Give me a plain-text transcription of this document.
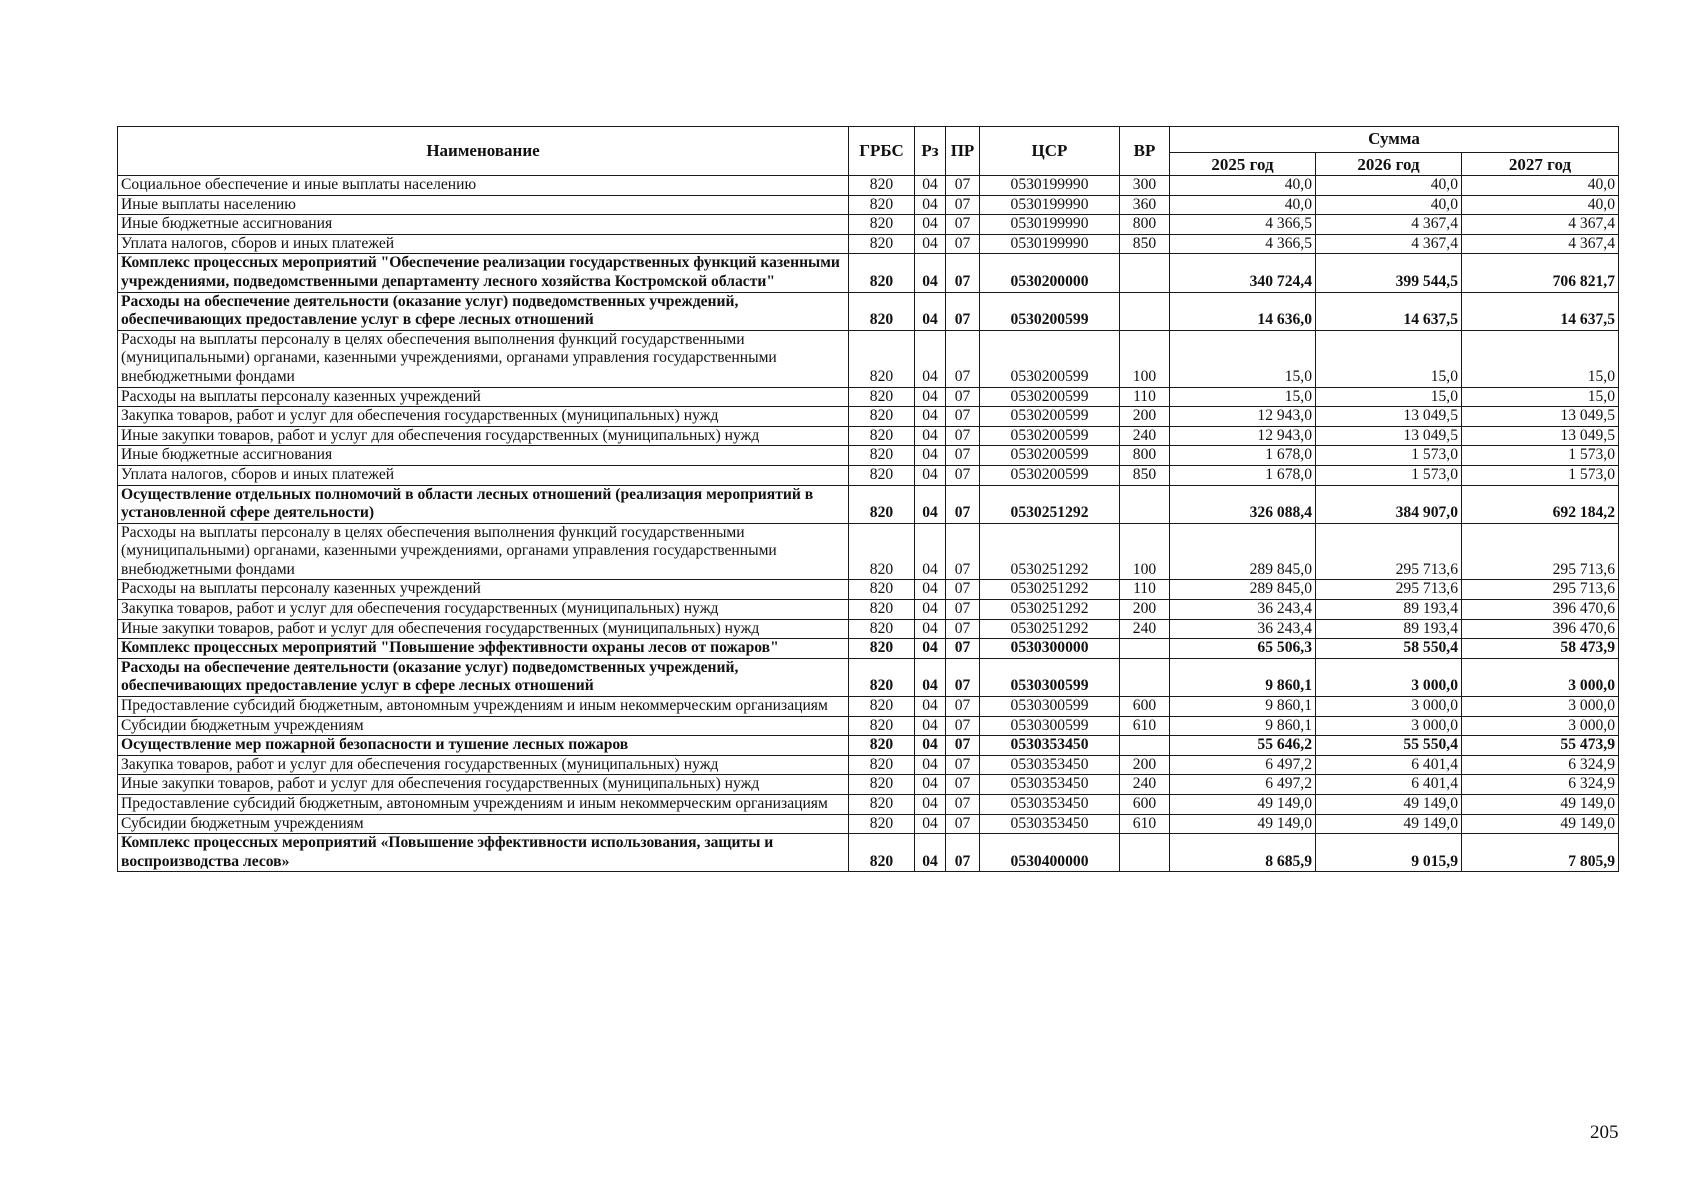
Наименование	ГРБС	Рз	ПР	ЦСР	ВР	Сумма		
						2025 год	2026 год	2027 год
Социальное обеспечение и иные выплаты населению	820	04	07	0530199990	300	40,0	40,0	40,0
Иные выплаты населению	820	04	07	0530199990	360	40,0	40,0	40,0
Иные бюджетные ассигнования	820	04	07	0530199990	800	4 366,5	4 367,4	4 367,4
Уплата налогов, сборов и иных платежей	820	04	07	0530199990	850	4 366,5	4 367,4	4 367,4
Комплекс процессных мероприятий "Обеспечение реализации государственных функций казенными учреждениями, подведомственными департаменту лесного хозяйства Костромской области"	820	04	07	0530200000		340 724,4	399 544,5	706 821,7
Расходы на обеспечение деятельности (оказание услуг) подведомственных учреждений, обеспечивающих предоставление услуг в сфере лесных отношений	820	04	07	0530200599		14 636,0	14 637,5	14 637,5
Расходы на выплаты персоналу в целях обеспечения выполнения функций государственными (муниципальными) органами, казенными учреждениями, органами управления государственными внебюджетными фондами	820	04	07	0530200599	100	15,0	15,0	15,0
Расходы на выплаты персоналу казенных учреждений	820	04	07	0530200599	110	15,0	15,0	15,0
Закупка товаров, работ и услуг для обеспечения государственных (муниципальных) нужд	820	04	07	0530200599	200	12 943,0	13 049,5	13 049,5
Иные закупки товаров, работ и услуг для обеспечения государственных (муниципальных) нужд	820	04	07	0530200599	240	12 943,0	13 049,5	13 049,5
Иные бюджетные ассигнования	820	04	07	0530200599	800	1 678,0	1 573,0	1 573,0
Уплата налогов, сборов и иных платежей	820	04	07	0530200599	850	1 678,0	1 573,0	1 573,0
Осуществление отдельных полномочий в области лесных отношений (реализация мероприятий в установленной сфере деятельности)	820	04	07	0530251292		326 088,4	384 907,0	692 184,2
Расходы на выплаты персоналу в целях обеспечения выполнения функций государственными (муниципальными) органами, казенными учреждениями, органами управления государственными внебюджетными фондами	820	04	07	0530251292	100	289 845,0	295 713,6	295 713,6
Расходы на выплаты персоналу казенных учреждений	820	04	07	0530251292	110	289 845,0	295 713,6	295 713,6
Закупка товаров, работ и услуг для обеспечения государственных (муниципальных) нужд	820	04	07	0530251292	200	36 243,4	89 193,4	396 470,6
Иные закупки товаров, работ и услуг для обеспечения государственных (муниципальных) нужд	820	04	07	0530251292	240	36 243,4	89 193,4	396 470,6
Комплекс процессных мероприятий "Повышение эффективности охраны лесов от пожаров"	820	04	07	0530300000		65 506,3	58 550,4	58 473,9
Расходы на обеспечение деятельности (оказание услуг) подведомственных учреждений, обеспечивающих предоставление услуг в сфере лесных отношений	820	04	07	0530300599		9 860,1	3 000,0	3 000,0
Предоставление субсидий бюджетным, автономным учреждениям и иным некоммерческим организациям	820	04	07	0530300599	600	9 860,1	3 000,0	3 000,0
Субсидии бюджетным учреждениям	820	04	07	0530300599	610	9 860,1	3 000,0	3 000,0
Осуществление мер пожарной безопасности и тушение лесных пожаров	820	04	07	0530353450		55 646,2	55 550,4	55 473,9
Закупка товаров, работ и услуг для обеспечения государственных (муниципальных) нужд	820	04	07	0530353450	200	6 497,2	6 401,4	6 324,9
Иные закупки товаров, работ и услуг для обеспечения государственных (муниципальных) нужд	820	04	07	0530353450	240	6 497,2	6 401,4	6 324,9
Предоставление субсидий бюджетным, автономным учреждениям и иным некоммерческим организациям	820	04	07	0530353450	600	49 149,0	49 149,0	49 149,0
Субсидии бюджетным учреждениям	820	04	07	0530353450	610	49 149,0	49 149,0	49 149,0
Комплекс процессных мероприятий «Повышение эффективности использования, защиты и воспроизводства лесов»	820	04	07	0530400000		8 685,9	9 015,9	7 805,9
205
